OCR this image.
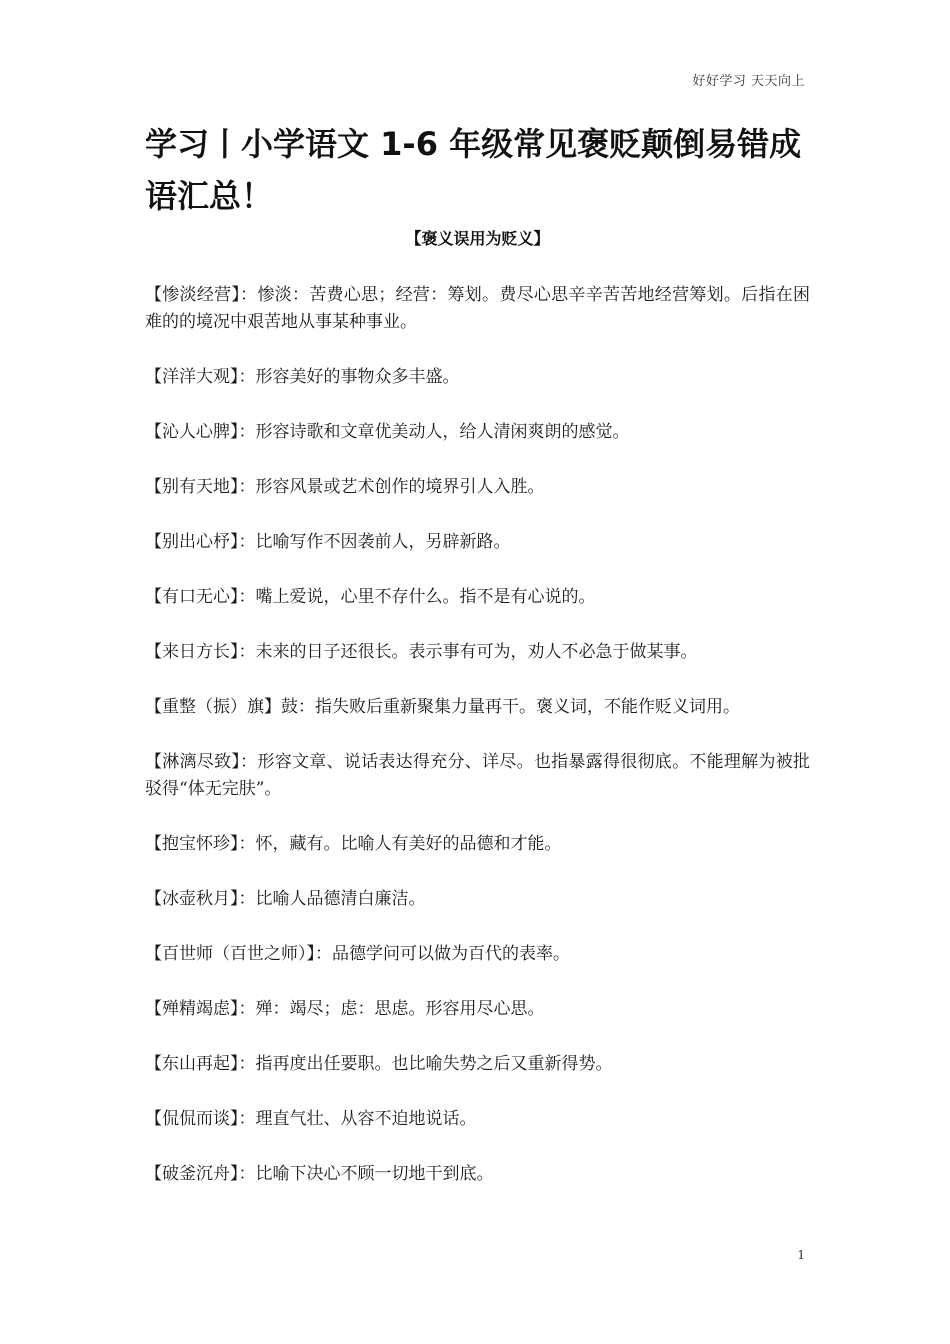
好好学习 天天向上
学习丨小学语文 1-6 年级常见褒贬颠倒易错成语汇总！
【褒义误用为贬义】

【惨淡经营】：惨淡：苦费心思；经营：筹划。费尽心思辛辛苦苦地经营筹划。后指在困难的的境况中艰苦地从事某种事业。

【洋洋大观】：形容美好的事物众多丰盛。

【沁人心脾】：形容诗歌和文章优美动人，给人清闲爽朗的感觉。

【别有天地】：形容风景或艺术创作的境界引人入胜。

【别出心杼】：比喻写作不因袭前人，另辟新路。

【有口无心】：嘴上爱说，心里不存什么。指不是有心说的。

【来日方长】：未来的日子还很长。表示事有可为，劝人不必急于做某事。

【重整（振）旗】鼓：指失败后重新聚集力量再干。褒义词，不能作贬义词用。

【淋漓尽致】：形容文章、说话表达得充分、详尽。也指暴露得很彻底。不能理解为被批驳得“体无完肤”。

【抱宝怀珍】：怀，藏有。比喻人有美好的品德和才能。

【冰壶秋月】：比喻人品德清白廉洁。

【百世师（百世之师）】：品德学问可以做为百代的表率。

【殚精竭虑】：殚：竭尽；虑：思虑。形容用尽心思。

【东山再起】：指再度出任要职。也比喻失势之后又重新得势。

【侃侃而谈】：理直气壮、从容不迫地说话。

【破釜沉舟】：比喻下决心不顾一切地干到底。

1
